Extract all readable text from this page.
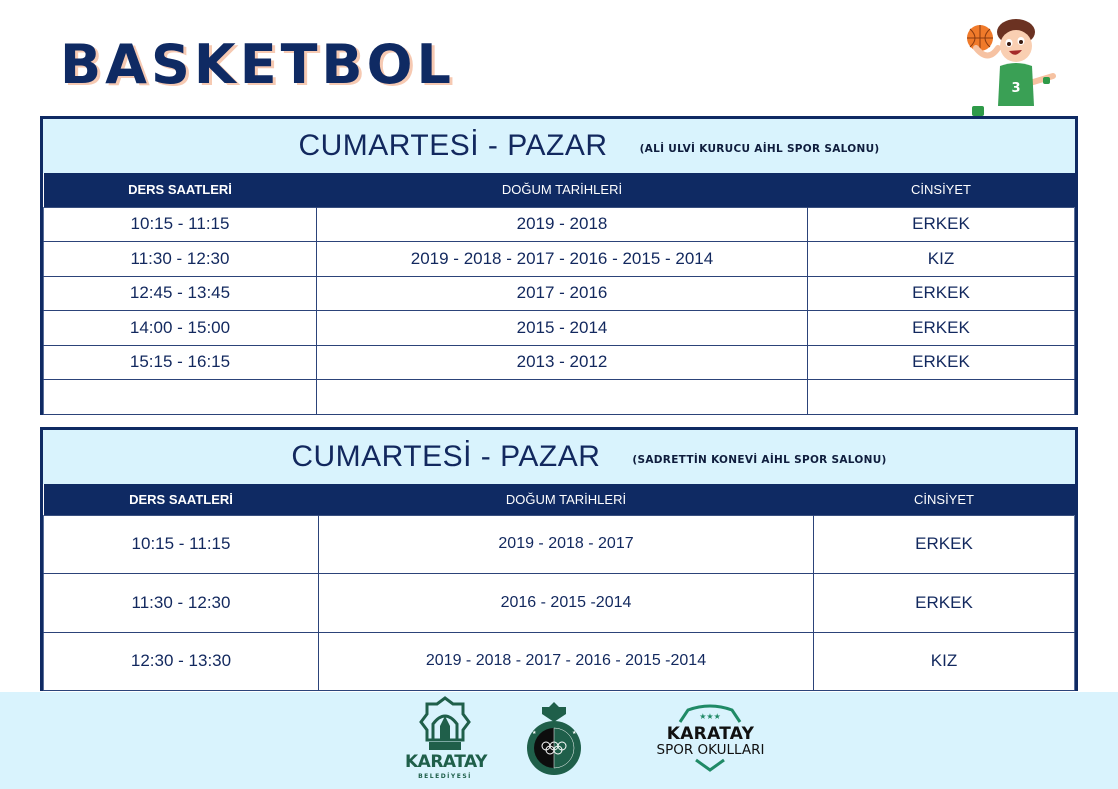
BASKETBOL	3
CUMARTESİ - PAZAR	(ALİ ULVİ KURUCU AİHL SPOR SALONU)
DERS SAATLERİ	DOĞUM TARİHLERİ	CİNSİYET
10:15 - 11:15	2019 - 2018	ERKEK
11:30 - 12:30	2019 - 2018 - 2017 - 2016 - 2015 - 2014	KIZ
12:45 - 13:45	2017 - 2016	ERKEK
14:00 - 15:00	2015 - 2014	ERKEK
15:15 - 16:15	2013 - 2012	ERKEK

CUMARTESİ - PAZAR	(SADRETTİN KONEVİ AİHL SPOR SALONU)
DERS SAATLERİ	DOĞUM TARİHLERİ	CİNSİYET
10:15 - 11:15	2019 - 2018 - 2017	ERKEK
11:30 - 12:30	2016 - 2015 -2014	ERKEK
12:30 - 13:30	2019 - 2018 - 2017 - 2016 - 2015 -2014	KIZ
KARATAY
BELEDİYESİ
★	★
★★★
KARATAY
SPOR OKULLARI
